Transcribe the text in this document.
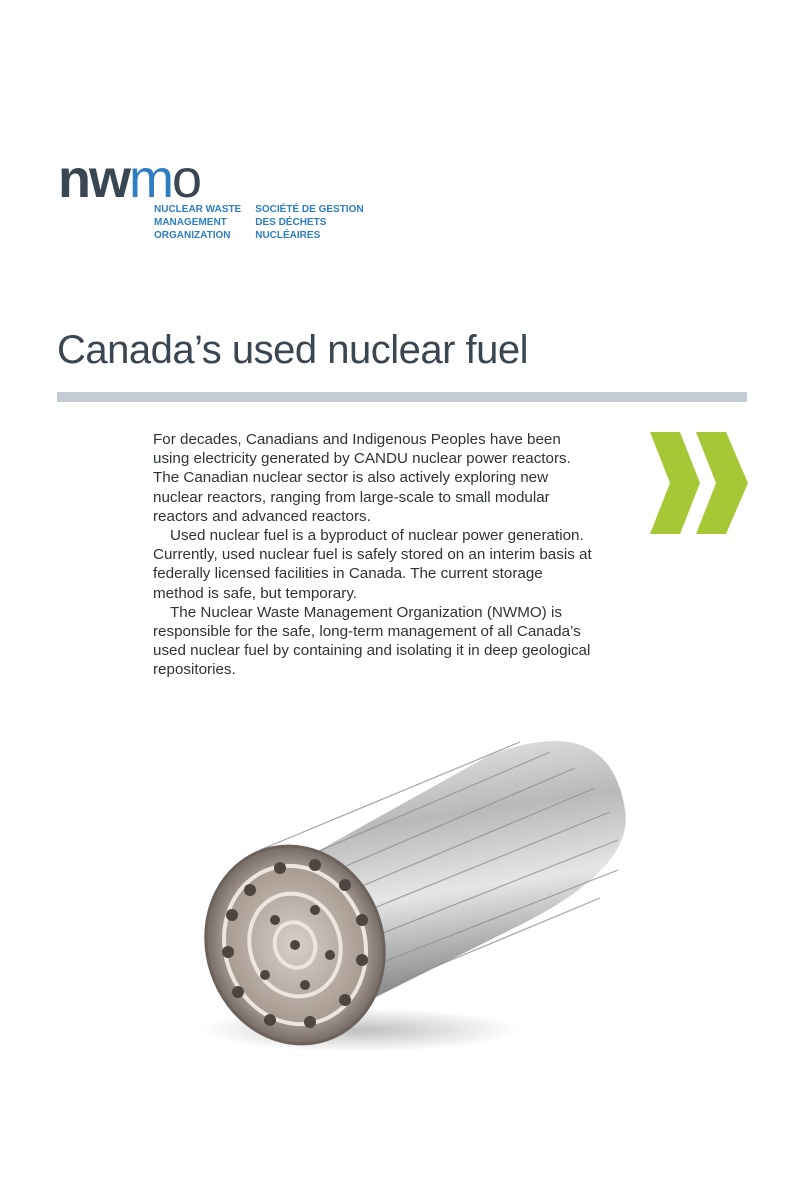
nwmo
NUCLEAR WASTE
MANAGEMENT
ORGANIZATION
SOCIÉTÉ DE GESTION
DES DÉCHETS
NUCLÉAIRES
Canada’s used nuclear fuel

For decades, Canadians and Indigenous Peoples have been using electricity generated by CANDU nuclear power reactors. The Canadian nuclear sector is also actively exploring new nuclear reactors, ranging from large-scale to small modular reactors and advanced reactors.

Used nuclear fuel is a byproduct of nuclear power generation. Currently, used nuclear fuel is safely stored on an interim basis at federally licensed facilities in Canada. The current storage method is safe, but temporary.

The Nuclear Waste Management Organization (NWMO) is responsible for the safe, long-term management of all Canada’s used nuclear fuel by containing and isolating it in deep geological repositories.
